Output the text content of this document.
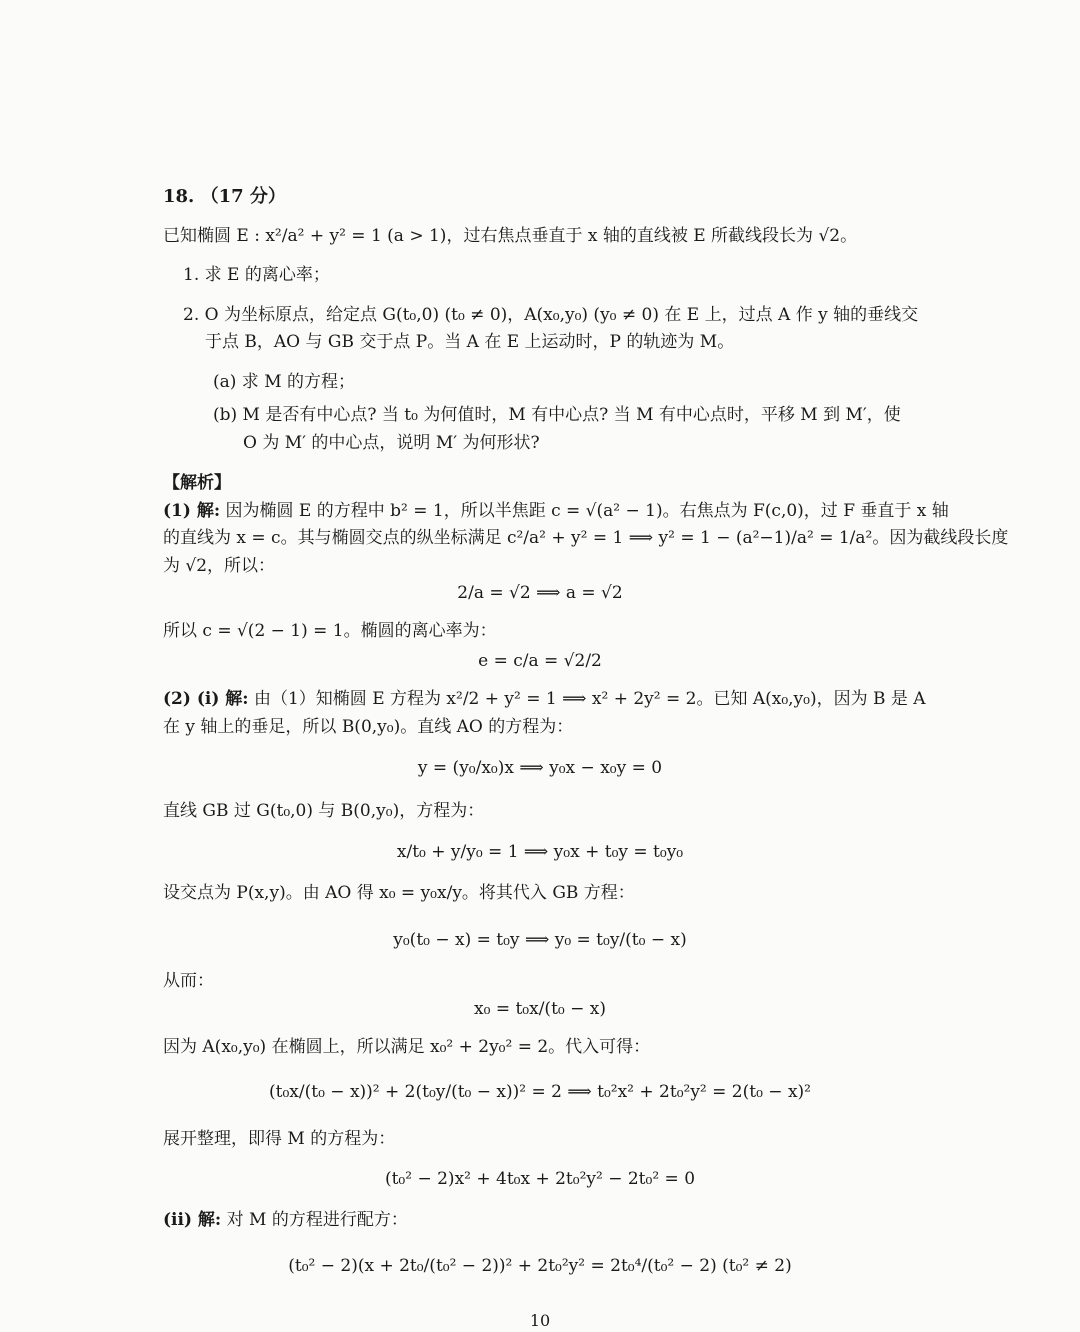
18. （17 分）
已知椭圆 E : x²/a² + y² = 1 (a > 1)，过右焦点垂直于 x 轴的直线被 E 所截线段长为 √2。
1. 求 E 的离心率；
2. O 为坐标原点，给定点 G(t₀,0) (t₀ ≠ 0)，A(x₀,y₀) (y₀ ≠ 0) 在 E 上，过点 A 作 y 轴的垂线交
于点 B，AO 与 GB 交于点 P。当 A 在 E 上运动时，P 的轨迹为 M。
(a) 求 M 的方程；
(b) M 是否有中心点? 当 t₀ 为何值时，M 有中心点? 当 M 有中心点时，平移 M 到 M′，使
O 为 M′ 的中心点，说明 M′ 为何形状?
【解析】
(1) 解: 因为椭圆 E 的方程中 b² = 1，所以半焦距 c = √(a² − 1)。右焦点为 F(c,0)，过 F 垂直于 x 轴
的直线为 x = c。其与椭圆交点的纵坐标满足 c²/a² + y² = 1 ⟹ y² = 1 − (a²−1)/a² = 1/a²。因为截线段长度
为 √2，所以：
2/a = √2 ⟹ a = √2
所以 c = √(2 − 1) = 1。椭圆的离心率为：
e = c/a = √2/2
(2) (i) 解: 由（1）知椭圆 E 方程为 x²/2 + y² = 1 ⟹ x² + 2y² = 2。已知 A(x₀,y₀)，因为 B 是 A
在 y 轴上的垂足，所以 B(0,y₀)。直线 AO 的方程为：
y = (y₀/x₀)x ⟹ y₀x − x₀y = 0
直线 GB 过 G(t₀,0) 与 B(0,y₀)，方程为：
x/t₀ + y/y₀ = 1 ⟹ y₀x + t₀y = t₀y₀
设交点为 P(x,y)。由 AO 得 x₀ = y₀x/y。将其代入 GB 方程：
y₀(t₀ − x) = t₀y ⟹ y₀ = t₀y/(t₀ − x)
从而：
x₀ = t₀x/(t₀ − x)
因为 A(x₀,y₀) 在椭圆上，所以满足 x₀² + 2y₀² = 2。代入可得：
(t₀x/(t₀ − x))² + 2(t₀y/(t₀ − x))² = 2 ⟹ t₀²x² + 2t₀²y² = 2(t₀ − x)²
展开整理，即得 M 的方程为：
(t₀² − 2)x² + 4t₀x + 2t₀²y² − 2t₀² = 0
(ii) 解: 对 M 的方程进行配方：
(t₀² − 2)(x + 2t₀/(t₀² − 2))² + 2t₀²y² = 2t₀⁴/(t₀² − 2) (t₀² ≠ 2)
10
